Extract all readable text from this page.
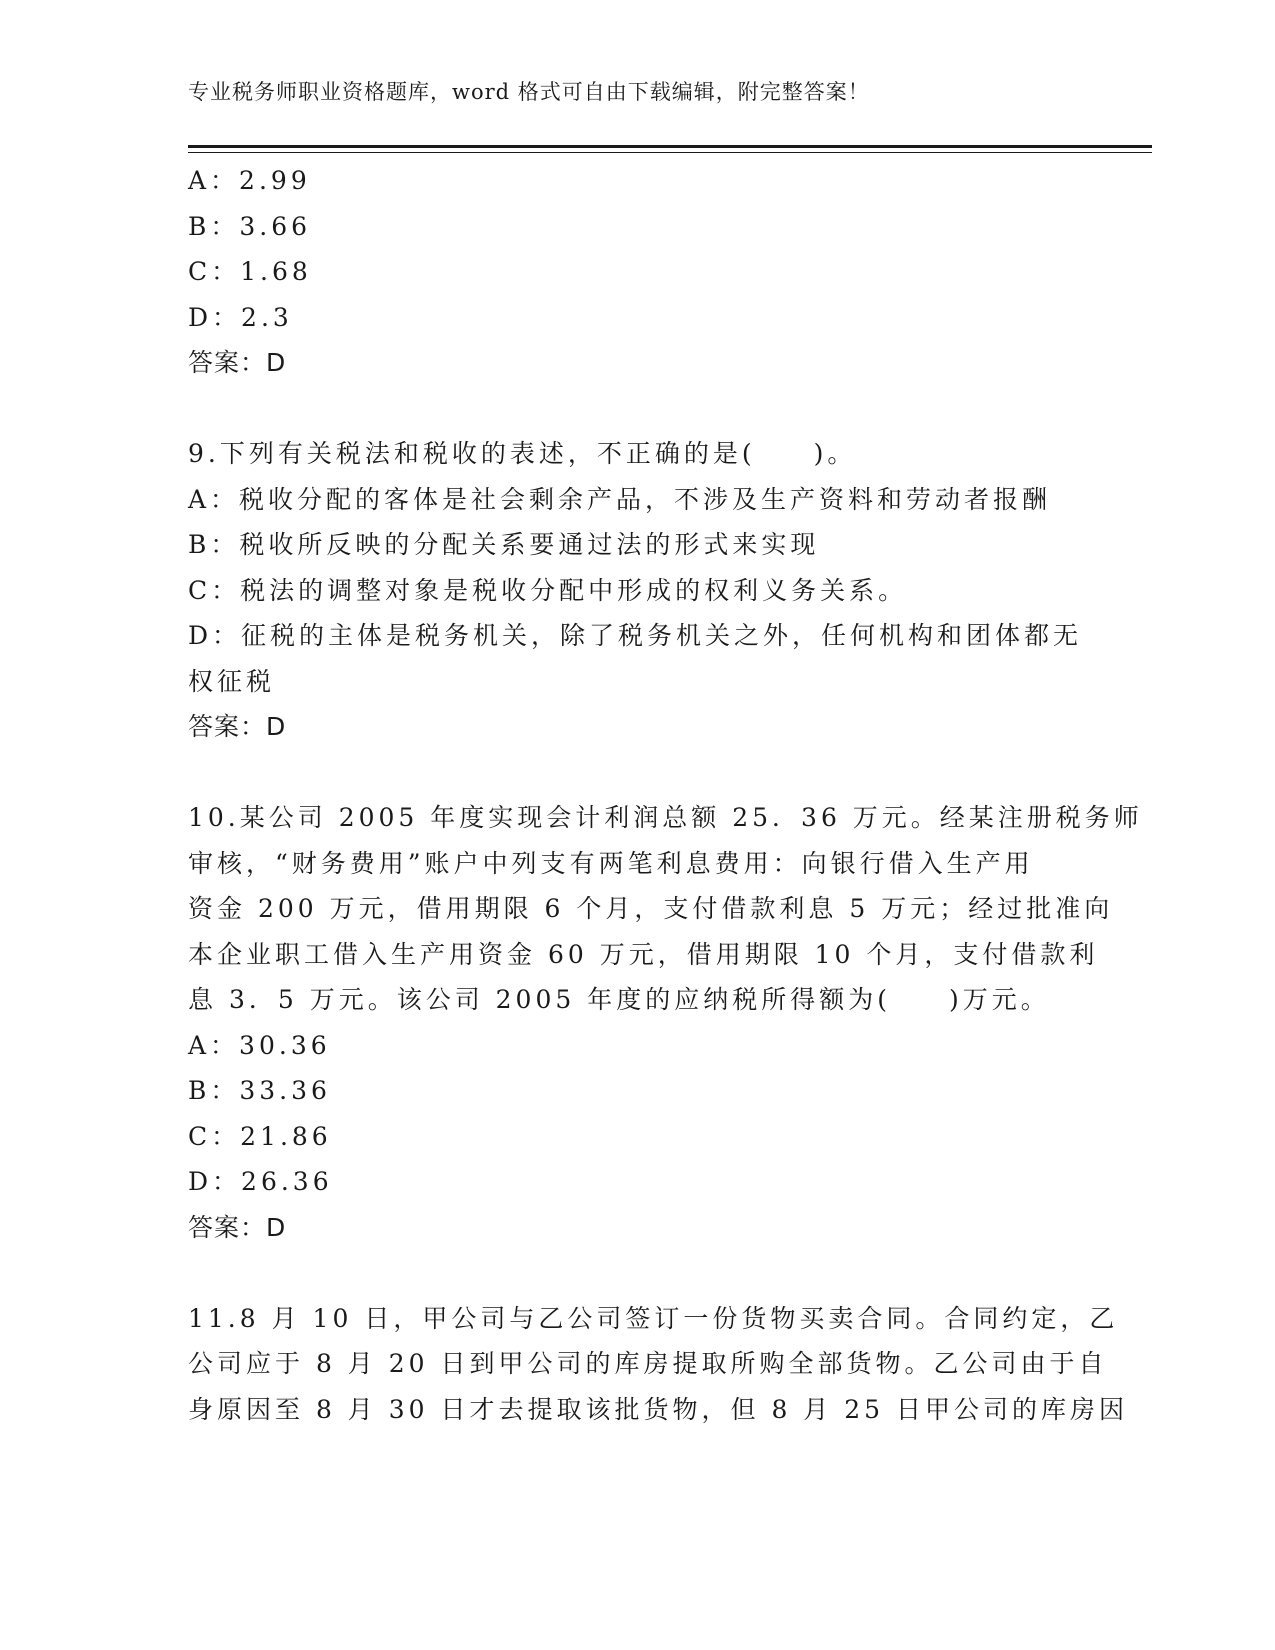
专业税务师职业资格题库，word 格式可自由下载编辑，附完整答案！
A：2.99
B：3.66
C：1.68
D：2.3
答案：D
9.下列有关税法和税收的表述，不正确的是(　　)。
A：税收分配的客体是社会剩余产品，不涉及生产资料和劳动者报酬
B：税收所反映的分配关系要通过法的形式来实现
C：税法的调整对象是税收分配中形成的权利义务关系。
D：征税的主体是税务机关，除了税务机关之外，任何机构和团体都无
权征税
答案：D
10.某公司 2005 年度实现会计利润总额 25．36 万元。经某注册税务师
审核，“财务费用”账户中列支有两笔利息费用：向银行借入生产用
资金 200 万元，借用期限 6 个月，支付借款利息 5 万元；经过批准向
本企业职工借入生产用资金 60 万元，借用期限 10 个月，支付借款利
息 3．5 万元。该公司 2005 年度的应纳税所得额为(　　)万元。
A：30.36
B：33.36
C：21.86
D：26.36
答案：D
11.8 月 10 日，甲公司与乙公司签订一份货物买卖合同。合同约定，乙
公司应于 8 月 20 日到甲公司的库房提取所购全部货物。乙公司由于自
身原因至 8 月 30 日才去提取该批货物，但 8 月 25 日甲公司的库房因
